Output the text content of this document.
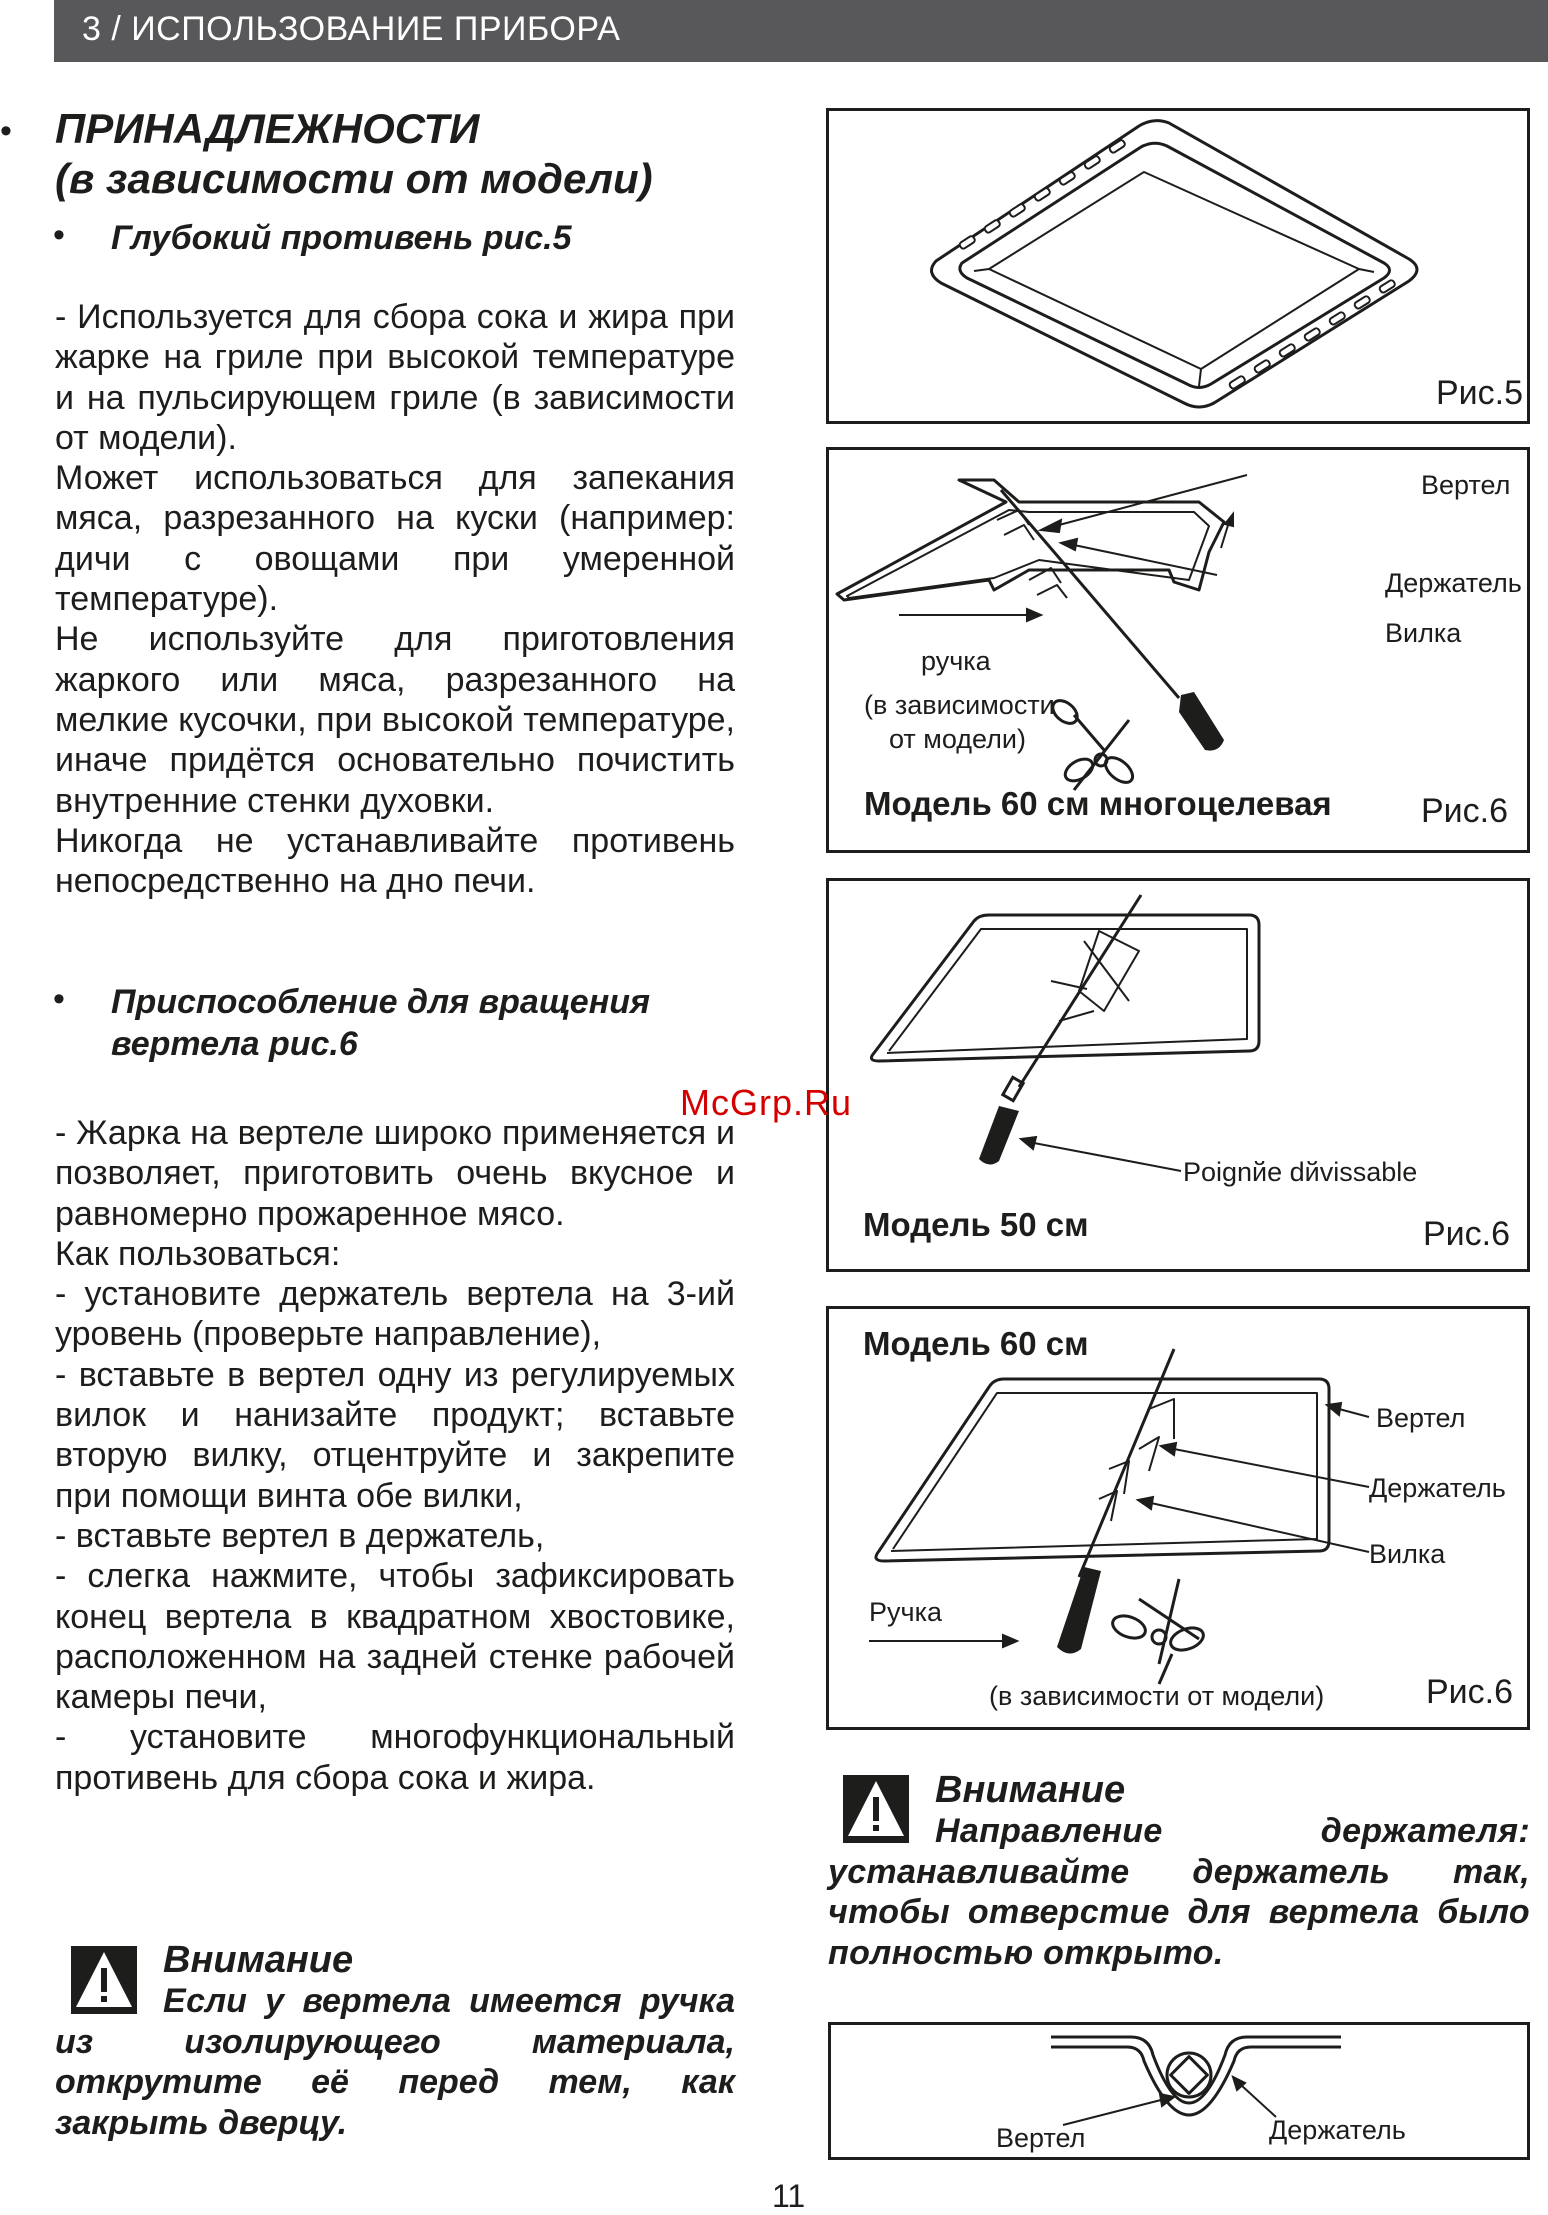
3 / ИСПОЛЬЗОВАНИЕ ПРИБОРА
• ПРИНАДЛЕЖНОСТИ
(в зависимости от модели)
• Глубокий противень рис.5

- Используется для сбора сока и жира при жарке на гриле при высокой температуре и на пульсирующем гриле (в зависимости от модели).

Может использоваться для запекания мяса, разрезанного на куски (например: дичи с овощами при умеренной температуре).

Не используйте для приготовления жаркого или мяса, разрезанного на мелкие кусочки, при высокой температуре, иначе придётся основательно почистить внутренние стенки духовки.

Никогда не устанавливайте противень непосредственно на дно печи.

• Приспособление для вращения
вертела рис.6

- Жарка на вертеле широко применяется и позволяет, приготовить очень вкусное и равномерно прожаренное мясо.

Как пользоваться:

- установите держатель вертела на 3-ий уровень (проверьте направление),

- вставьте в вертел одну из регулируемых вилок и нанизайте продукт; вставьте вторую вилку, отцентруйте и закрепите при помощи винта обе вилки,

- вставьте вертел в держатель,

- слегка нажмите, чтобы зафиксировать конец вертела в квадратном хвостовике, расположенном на задней стенке рабочей камеры печи,

- установите многофункциональный противень для сбора сока и жира.

Внимание
Если у вертела имеется ручка из изолирующего материала, открутите её перед тем, как закрыть дверцу.
Рис.5
Вертел
Держатель
Вилка
ручка
(в зависимости
от модели)
Модель 60 см многоцелевая	Рис.6
Poignйe dйvissable
Модель 50 см	Рис.6
Модель 60 см
Вертел
Держатель
Вилка
Ручка
(в зависимости от модели)	Рис.6
Внимание
Направление держателя: устанавливайте держатель так, чтобы отверстие для вертела было полностью открыто.
Вертел	Держатель
McGrp.Ru
11
